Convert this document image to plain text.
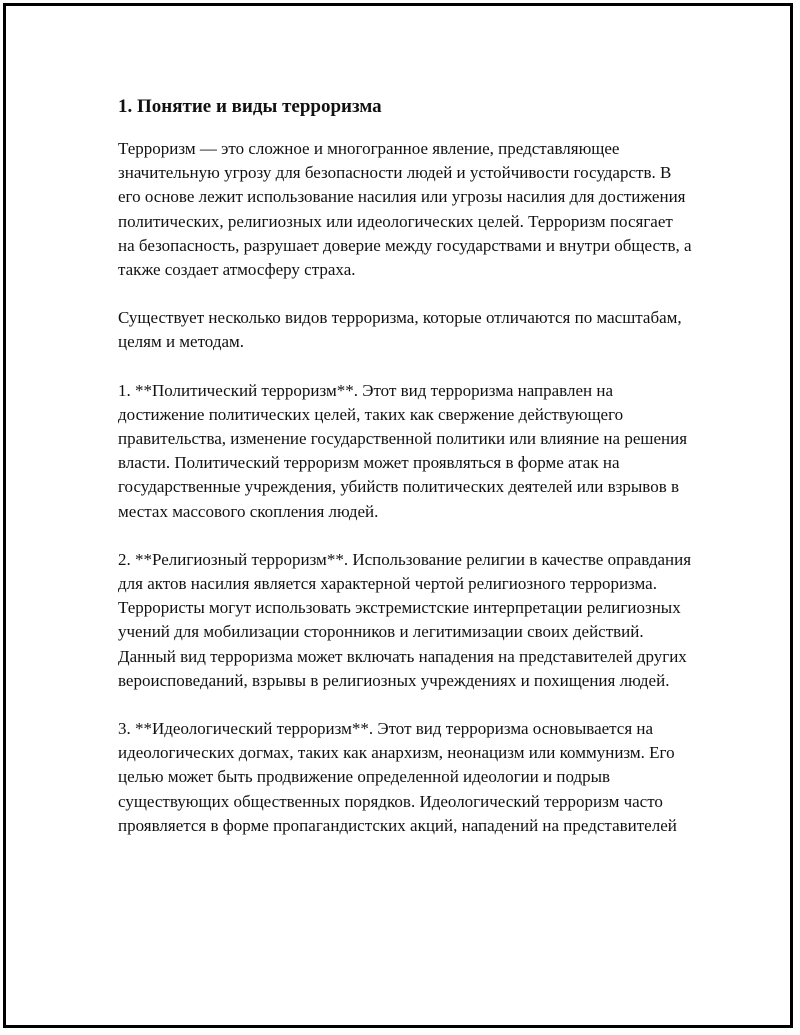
1. Понятие и виды терроризма

Терроризм — это сложное и многогранное явление, представляющее значительную угрозу для безопасности людей и устойчивости государств. В его основе лежит использование насилия или угрозы насилия для достижения политических, религиозных или идеологических целей. Терроризм посягает на безопасность, разрушает доверие между государствами и внутри обществ, а также создает атмосферу страха.

Существует несколько видов терроризма, которые отличаются по масштабам, целям и методам.

1. **Политический терроризм**. Этот вид терроризма направлен на достижение политических целей, таких как свержение действующего правительства, изменение государственной политики или влияние на решения власти. Политический терроризм может проявляться в форме атак на государственные учреждения, убийств политических деятелей или взрывов в местах массового скопления людей.

2. **Религиозный терроризм**. Использование религии в качестве оправдания для актов насилия является характерной чертой религиозного терроризма. Террористы могут использовать экстремистские интерпретации религиозных учений для мобилизации сторонников и легитимизации своих действий. Данный вид терроризма может включать нападения на представителей других вероисповеданий, взрывы в религиозных учреждениях и похищения людей.

3. **Идеологический терроризм**. Этот вид терроризма основывается на идеологических догмах, таких как анархизм, неонацизм или коммунизм. Его целью может быть продвижение определенной идеологии и подрыв существующих общественных порядков. Идеологический терроризм часто проявляется в форме пропагандистских акций, нападений на представителей
